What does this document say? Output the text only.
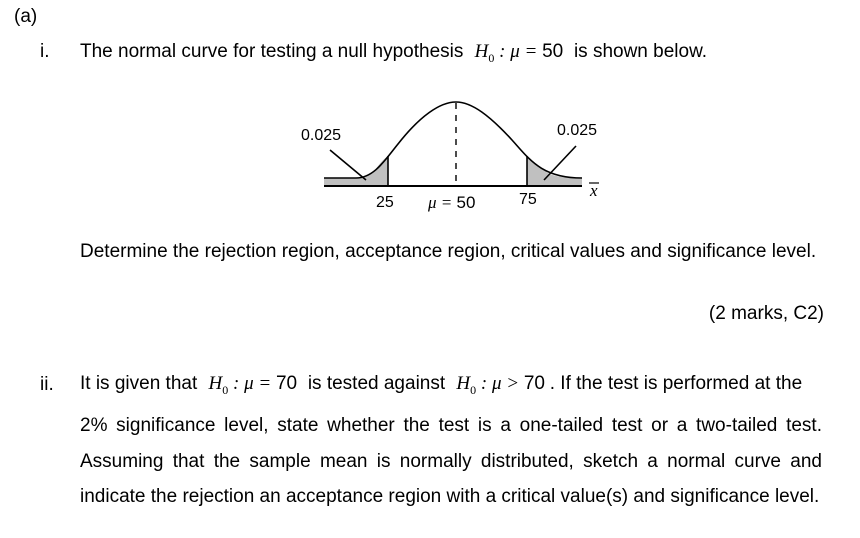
(a)
i. The normal curve for testing a null hypothesis $H_0$ : μ = 50 is shown below.
0.025	0.025
25 μ = 50	75	x
Determine the rejection region, acceptance region, critical values and significance level.
(2 marks, C2)
ii. It is given that $H_0$ : μ = 70 is tested against $H_0$ : μ > 70 . If the test is performed at the
2% significance level, state whether the test is a one-tailed test or a two-tailed test. Assuming that the sample mean is normally distributed, sketch a normal curve and indicate the rejection an acceptance region with a critical value(s) and significance level.
